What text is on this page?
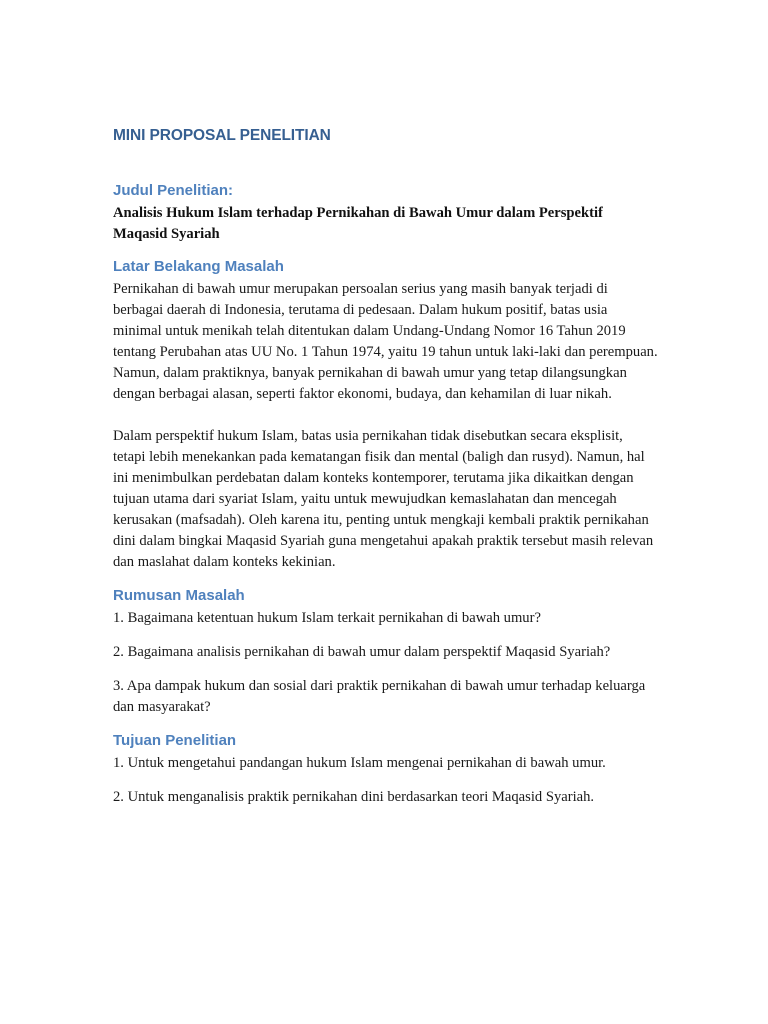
MINI PROPOSAL PENELITIAN
Judul Penelitian:

Analisis Hukum Islam terhadap Pernikahan di Bawah Umur dalam Perspektif Maqasid Syariah

Latar Belakang Masalah

Pernikahan di bawah umur merupakan persoalan serius yang masih banyak terjadi di berbagai daerah di Indonesia, terutama di pedesaan. Dalam hukum positif, batas usia minimal untuk menikah telah ditentukan dalam Undang-Undang Nomor 16 Tahun 2019 tentang Perubahan atas UU No. 1 Tahun 1974, yaitu 19 tahun untuk laki-laki dan perempuan. Namun, dalam praktiknya, banyak pernikahan di bawah umur yang tetap dilangsungkan dengan berbagai alasan, seperti faktor ekonomi, budaya, dan kehamilan di luar nikah.

Dalam perspektif hukum Islam, batas usia pernikahan tidak disebutkan secara eksplisit, tetapi lebih menekankan pada kematangan fisik dan mental (baligh dan rusyd). Namun, hal ini menimbulkan perdebatan dalam konteks kontemporer, terutama jika dikaitkan dengan tujuan utama dari syariat Islam, yaitu untuk mewujudkan kemaslahatan dan mencegah kerusakan (mafsadah). Oleh karena itu, penting untuk mengkaji kembali praktik pernikahan dini dalam bingkai Maqasid Syariah guna mengetahui apakah praktik tersebut masih relevan dan maslahat dalam konteks kekinian.

Rumusan Masalah

1. Bagaimana ketentuan hukum Islam terkait pernikahan di bawah umur?

2. Bagaimana analisis pernikahan di bawah umur dalam perspektif Maqasid Syariah?

3. Apa dampak hukum dan sosial dari praktik pernikahan di bawah umur terhadap keluarga dan masyarakat?

Tujuan Penelitian

1. Untuk mengetahui pandangan hukum Islam mengenai pernikahan di bawah umur.

2. Untuk menganalisis praktik pernikahan dini berdasarkan teori Maqasid Syariah.
